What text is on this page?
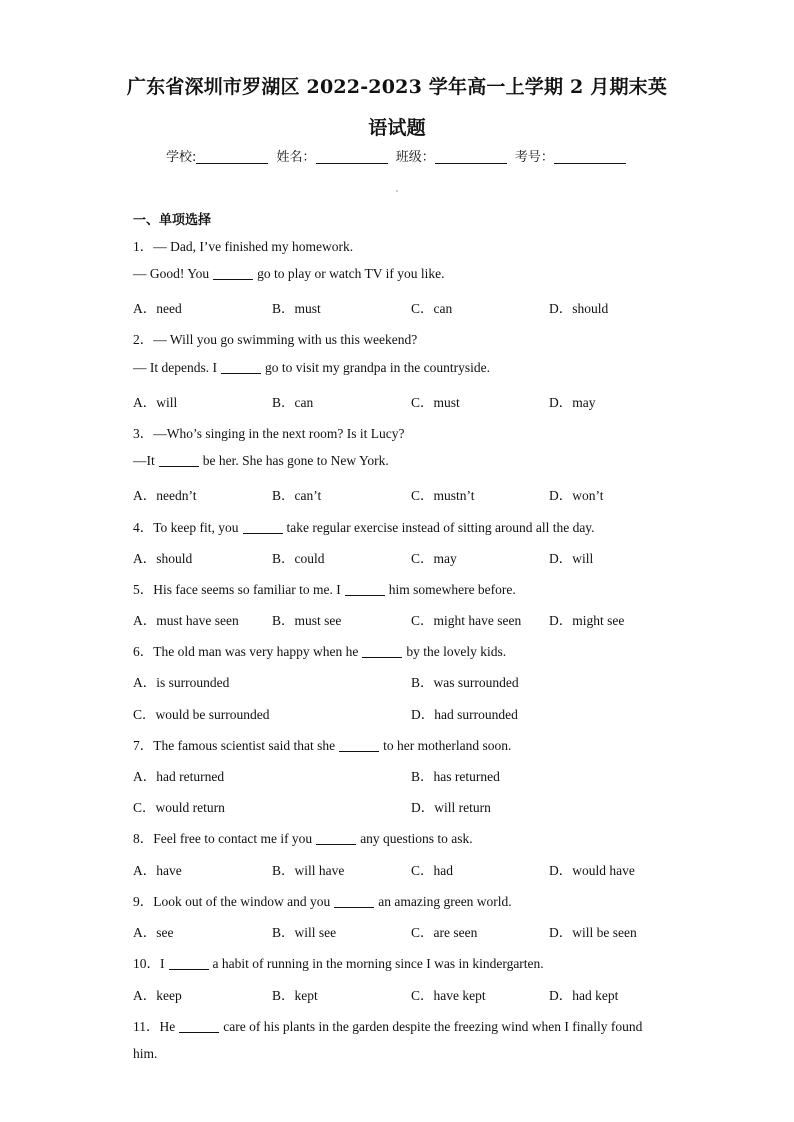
广东省深圳市罗湖区 2022-2023 学年高一上学期 2 月期末英
语试题
学校:	姓名：	班级：	考号：
一、单项选择
1．— Dad, I’ve finished my homework.
— Good! You	go to play or watch TV if you like.
A．need	B．must	C．can	D．should
2．— Will you go swimming with us this weekend?
— It depends. I	go to visit my grandpa in the countryside.
A．will	B．can	C．must	D．may
3．—Who’s singing in the next room? Is it Lucy?
—It	be her. She has gone to New York.
A．needn’t	B．can’t	C．mustn’t	D．won’t
4．To keep fit, you	take regular exercise instead of sitting around all the day.
A．should	B．could	C．may	D．will
5．His face seems so familiar to me. I	him somewhere before.
A．must have seen B．must see	C．might have seen D．might see
6．The old man was very happy when he	by the lovely kids.
A．is surrounded	B．was surrounded
C．would be surrounded	D．had surrounded
7．The famous scientist said that she	to her motherland soon.
A．had returned	B．has returned
C．would return	D．will return
8．Feel free to contact me if you	any questions to ask.
A．have	B．will have	C．had	D．would have
9．Look out of the window and you	an amazing green world.
A．see	B．will see	C．are seen	D．will be seen
10．I	a habit of running in the morning since I was in kindergarten.
A．keep	B．kept	C．have kept	D．had kept
11．He	care of his plants in the garden despite the freezing wind when I finally found
him.
